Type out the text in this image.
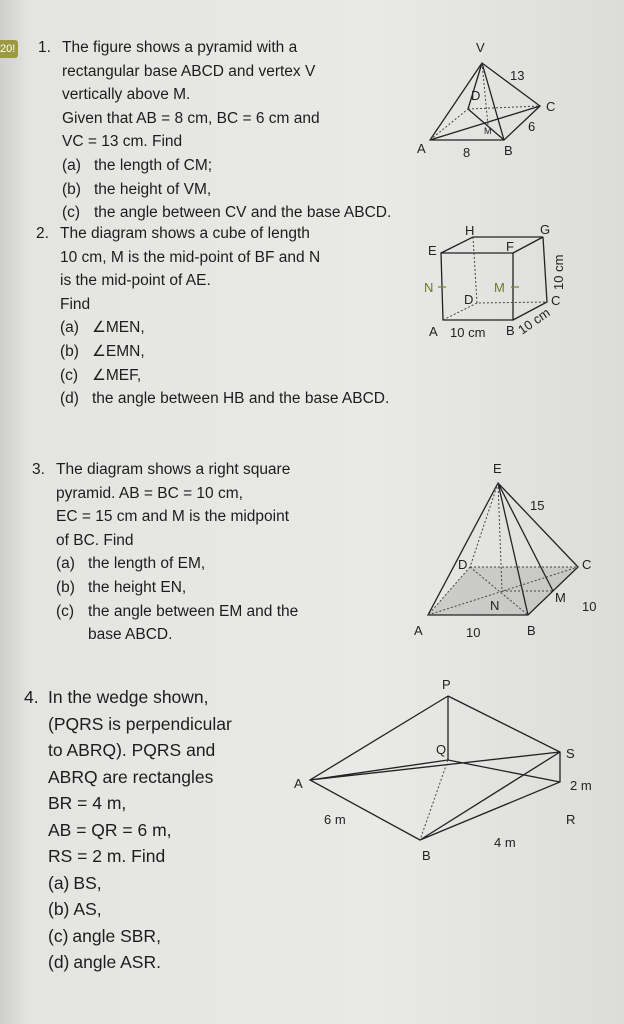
20! 1. The figure shows a pyramid with a
rectangular base ABCD and vertex V
vertically above M.
Given that AB = 8 cm, BC = 6 cm and
VC = 13 cm. Find
(a) the length of CM;
(b) the height of VM,
(c) the angle between CV and the base ABCD.
V
13
D
C
M	6
A	8	B
2. The diagram shows a cube of length
10 cm, M is the mid-point of BF and N
is the mid-point of AE.
Find
(a) ∠MEN,
(b) ∠EMN,
(c) ∠MEF,
(d) the angle between HB and the base ABCD.
H	G
E	F
N	M
D	C
A 10 cm B 10 cm
10 cm
3. The diagram shows a right square
pyramid. AB = BC = 10 cm,
EC = 15 cm and M is the midpoint
of BC. Find
(a) the length of EM,
(b) the height EN,
(c) the angle between EM and the
base ABCD.
E
15
D	C
N
M
10
A	10	B
4. In the wedge shown,
(PQRS is perpendicular
to ABRQ). PQRS and
ABRQ are rectangles
BR = 4 m,
AB = QR = 6 m,
RS = 2 m. Find
(a) BS,
(b) AS,
(c) angle SBR,
(d) angle ASR.
P
Q	S
A	2 m
6 m	R
4 m
B
